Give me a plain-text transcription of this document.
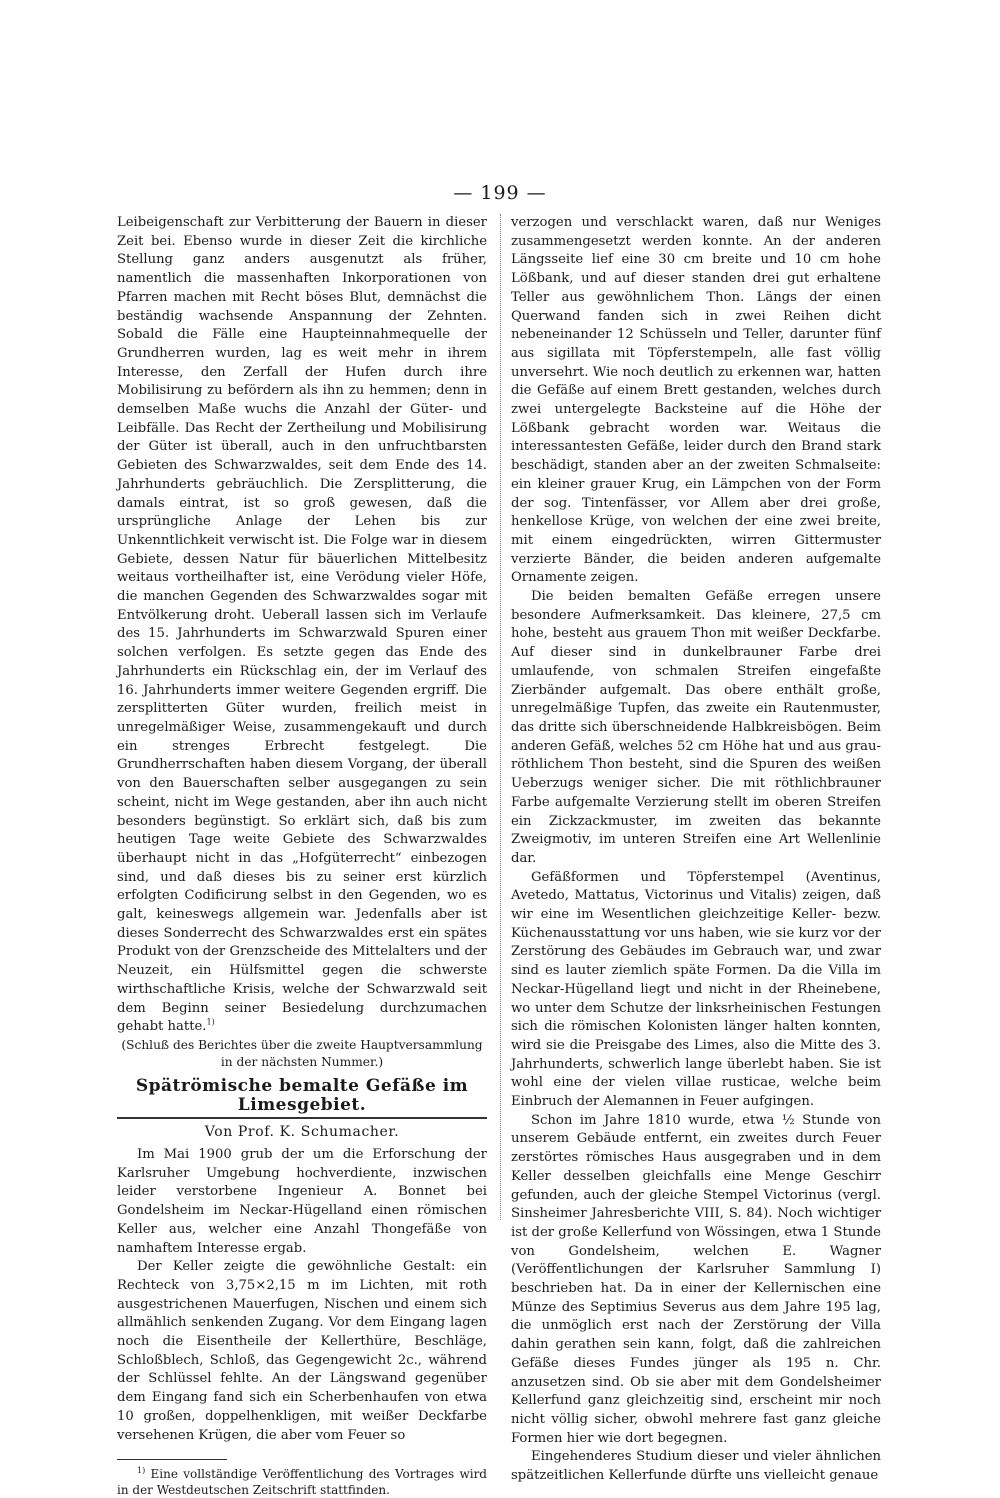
— 199 —

Leibeigenschaft zur Verbitterung der Bauern in dieser Zeit bei. Ebenso wurde in dieser Zeit die kirchliche Stellung ganz anders ausgenutzt als früher, namentlich die massenhaften Inkorporationen von Pfarren machen mit Recht böses Blut, demnächst die beständig wachsende Anspannung der Zehnten. Sobald die Fälle eine Haupteinnahmequelle der Grundherren wurden, lag es weit mehr in ihrem Interesse, den Zerfall der Hufen durch ihre Mobilisirung zu befördern als ihn zu hemmen; denn in demselben Maße wuchs die Anzahl der Güter- und Leibfälle. Das Recht der Zertheilung und Mobilisirung der Güter ist überall, auch in den unfruchtbarsten Gebieten des Schwarzwaldes, seit dem Ende des 14. Jahrhunderts gebräuchlich. Die Zersplitterung, die damals eintrat, ist so groß gewesen, daß die ursprüngliche Anlage der Lehen bis zur Unkenntlichkeit verwischt ist. Die Folge war in diesem Gebiete, dessen Natur für bäuerlichen Mittelbesitz weitaus vortheilhafter ist, eine Verödung vieler Höfe, die manchen Gegenden des Schwarzwaldes sogar mit Entvölkerung droht. Ueberall lassen sich im Verlaufe des 15. Jahrhunderts im Schwarzwald Spuren einer solchen verfolgen. Es setzte gegen das Ende des Jahrhunderts ein Rückschlag ein, der im Verlauf des 16. Jahrhunderts immer weitere Gegenden ergriff. Die zersplitterten Güter wurden, freilich meist in unregelmäßiger Weise, zusammengekauft und durch ein strenges Erbrecht festgelegt. Die Grundherrschaften haben diesem Vorgang, der überall von den Bauerschaften selber ausgegangen zu sein scheint, nicht im Wege gestanden, aber ihn auch nicht besonders begünstigt. So erklärt sich, daß bis zum heutigen Tage weite Gebiete des Schwarzwaldes überhaupt nicht in das „Hofgüterrecht“ einbezogen sind, und daß dieses bis zu seiner erst kürzlich erfolgten Codificirung selbst in den Gegenden, wo es galt, keineswegs allgemein war. Jedenfalls aber ist dieses Sonderrecht des Schwarzwaldes erst ein spätes Produkt von der Grenzscheide des Mittelalters und der Neuzeit, ein Hülfsmittel gegen die schwerste wirthschaftliche Krisis, welche der Schwarzwald seit dem Beginn seiner Besiedelung durchzumachen gehabt hatte.$^{1)}$

(Schluß des Berichtes über die zweite Hauptversammlung in der nächsten Nummer.)

Spätrömische bemalte Gefäße im Limesgebiet.
Von Prof. K. Schumacher.

Im Mai 1900 grub der um die Erforschung der Karlsruher Umgebung hochverdiente, inzwischen leider verstorbene Ingenieur A. Bonnet bei Gondelsheim im Neckar-Hügelland einen römischen Keller aus, welcher eine Anzahl Thongefäße von namhaftem Interesse ergab.

Der Keller zeigte die gewöhnliche Gestalt: ein Rechteck von 3,75×2,15 m im Lichten, mit roth ausgestrichenen Mauerfugen, Nischen und einem sich allmählich senkenden Zugang. Vor dem Eingang lagen noch die Eisentheile der Kellerthüre, Beschläge, Schloßblech, Schloß, das Gegengewicht 2c., während der Schlüssel fehlte. An der Längswand gegenüber dem Eingang fand sich ein Scherbenhaufen von etwa 10 großen, doppelhenkligen, mit weißer Deckfarbe versehenen Krügen, die aber vom Feuer so

$^{1)}$ Eine vollständige Veröffentlichung des Vortrages wird in der Westdeutschen Zeitschrift stattfinden.

verzogen und verschlackt waren, daß nur Weniges zusammengesetzt werden konnte. An der anderen Längsseite lief eine 30 cm breite und 10 cm hohe Lößbank, und auf dieser standen drei gut erhaltene Teller aus gewöhnlichem Thon. Längs der einen Querwand fanden sich in zwei Reihen dicht nebeneinander 12 Schüsseln und Teller, darunter fünf aus sigillata mit Töpferstempeln, alle fast völlig unversehrt. Wie noch deutlich zu erkennen war, hatten die Gefäße auf einem Brett gestanden, welches durch zwei untergelegte Backsteine auf die Höhe der Lößbank gebracht worden war. Weitaus die interessantesten Gefäße, leider durch den Brand stark beschädigt, standen aber an der zweiten Schmalseite: ein kleiner grauer Krug, ein Lämpchen von der Form der sog. Tintenfässer, vor Allem aber drei große, henkellose Krüge, von welchen der eine zwei breite, mit einem eingedrückten, wirren Gittermuster verzierte Bänder, die beiden anderen aufgemalte Ornamente zeigen.

Die beiden bemalten Gefäße erregen unsere besondere Aufmerksamkeit. Das kleinere, 27,5 cm hohe, besteht aus grauem Thon mit weißer Deckfarbe. Auf dieser sind in dunkelbrauner Farbe drei umlaufende, von schmalen Streifen eingefaßte Zierbänder aufgemalt. Das obere enthält große, unregelmäßige Tupfen, das zweite ein Rautenmuster, das dritte sich überschneidende Halbkreisbögen. Beim anderen Gefäß, welches 52 cm Höhe hat und aus grau-röthlichem Thon besteht, sind die Spuren des weißen Ueberzugs weniger sicher. Die mit röthlichbrauner Farbe aufgemalte Verzierung stellt im oberen Streifen ein Zickzackmuster, im zweiten das bekannte Zweigmotiv, im unteren Streifen eine Art Wellenlinie dar.

Gefäßformen und Töpferstempel (Aventinus, Avetedo, Mattatus, Victorinus und Vitalis) zeigen, daß wir eine im Wesentlichen gleichzeitige Keller- bezw. Küchenausstattung vor uns haben, wie sie kurz vor der Zerstörung des Gebäudes im Gebrauch war, und zwar sind es lauter ziemlich späte Formen. Da die Villa im Neckar-Hügelland liegt und nicht in der Rheinebene, wo unter dem Schutze der linksrheinischen Festungen sich die römischen Kolonisten länger halten konnten, wird sie die Preisgabe des Limes, also die Mitte des 3. Jahrhunderts, schwerlich lange überlebt haben. Sie ist wohl eine der vielen villae rusticae, welche beim Einbruch der Alemannen in Feuer aufgingen.

Schon im Jahre 1810 wurde, etwa ½ Stunde von unserem Gebäude entfernt, ein zweites durch Feuer zerstörtes römisches Haus ausgegraben und in dem Keller desselben gleichfalls eine Menge Geschirr gefunden, auch der gleiche Stempel Victorinus (vergl. Sinsheimer Jahresberichte VIII, S. 84). Noch wichtiger ist der große Kellerfund von Wössingen, etwa 1 Stunde von Gondelsheim, welchen E. Wagner (Veröffentlichungen der Karlsruher Sammlung I) beschrieben hat. Da in einer der Kellernischen eine Münze des Septimius Severus aus dem Jahre 195 lag, die unmöglich erst nach der Zerstörung der Villa dahin gerathen sein kann, folgt, daß die zahlreichen Gefäße dieses Fundes jünger als 195 n. Chr. anzusetzen sind. Ob sie aber mit dem Gondelsheimer Kellerfund ganz gleichzeitig sind, erscheint mir noch nicht völlig sicher, obwohl mehrere fast ganz gleiche Formen hier wie dort begegnen.

Eingehenderes Studium dieser und vieler ähnlichen spätzeitlichen Kellerfunde dürfte uns vielleicht genaue
